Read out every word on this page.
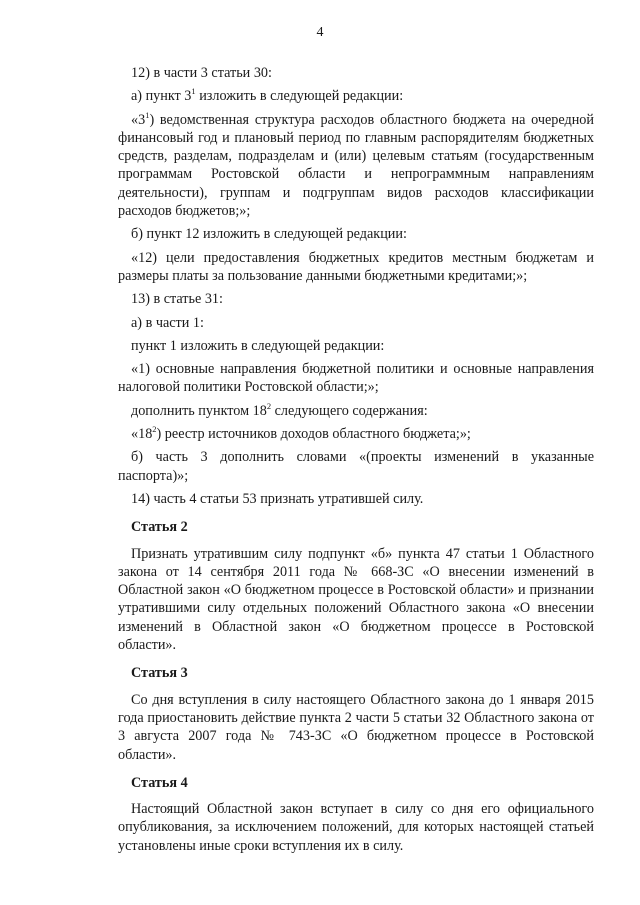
4

12) в части 3 статьи 30:

а) пункт $3^1$ изложить в следующей редакции:

«$3^1$) ведомственная структура расходов областного бюджета на очередной финансовый год и плановый период по главным распорядителям бюджетных средств, разделам, подразделам и (или) целевым статьям (государственным программам Ростовской области и непрограммным направлениям деятельности), группам и подгруппам видов расходов классификации расходов бюджетов;»;

б) пункт 12 изложить в следующей редакции:

«12) цели предоставления бюджетных кредитов местным бюджетам и размеры платы за пользование данными бюджетными кредитами;»;

13) в статье 31:

а) в части 1:

пункт 1 изложить в следующей редакции:

«1) основные направления бюджетной политики и основные направления налоговой политики Ростовской области;»;

дополнить пунктом $18^2$ следующего содержания:

«$18^2$) реестр источников доходов областного бюджета;»;

б) часть 3 дополнить словами «(проекты изменений в указанные паспорта)»;

14) часть 4 статьи 53 признать утратившей силу.

Статья 2

Признать утратившим силу подпункт «б» пункта 47 статьи 1 Областного закона от 14 сентября 2011 года № 668-ЗС «О внесении изменений в Областной закон «О бюджетном процессе в Ростовской области» и признании утратившими силу отдельных положений Областного закона «О внесении изменений в Областной закон «О бюджетном процессе в Ростовской области».

Статья 3

Со дня вступления в силу настоящего Областного закона до 1 января 2015 года приостановить действие пункта 2 части 5 статьи 32 Областного закона от 3 августа 2007 года № 743-ЗС «О бюджетном процессе в Ростовской области».

Статья 4

Настоящий Областной закон вступает в силу со дня его официального опубликования, за исключением положений, для которых настоящей статьей установлены иные сроки вступления их в силу.
